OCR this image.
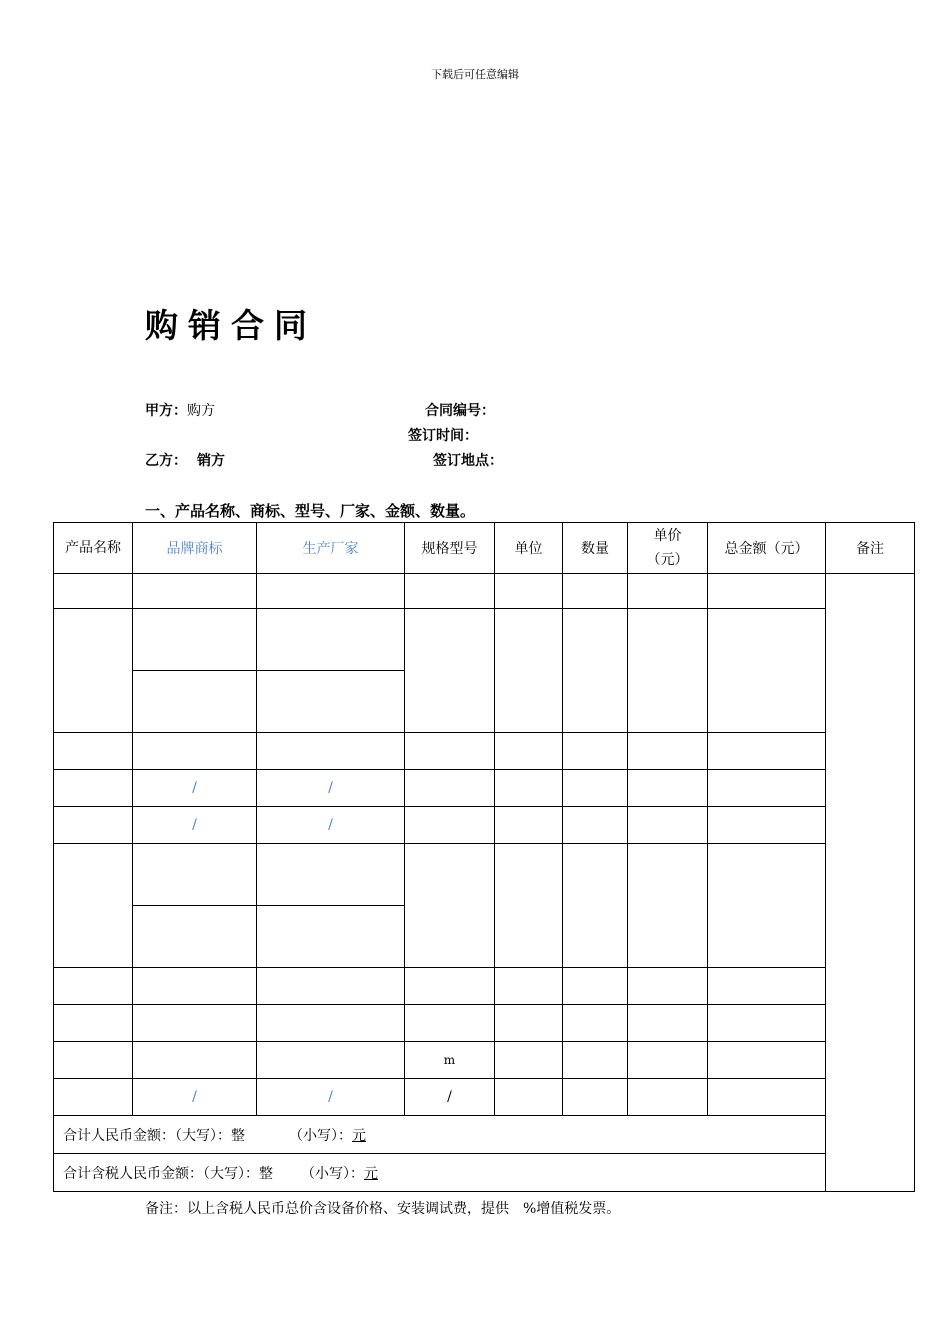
下载后可任意编辑
购销合同
甲方：购方	合同编号：
签订时间：
乙方： 销方	签订地点：
一、产品名称、商标、型号、厂家、金额、数量。
产品名称	品牌商标	生产厂家	规格型号	单位	数量	单价（元）	总金额（元）	备注

	/	/						
	/	/						

			m					
	/	/	/					
合计人民币金额：（大写）：整 （小写）：元								
合计含税人民币金额：（大写）：整 （小写）：元								
备注：以上含税人民币总价含设备价格、安装调试费，提供　%增值税发票。
